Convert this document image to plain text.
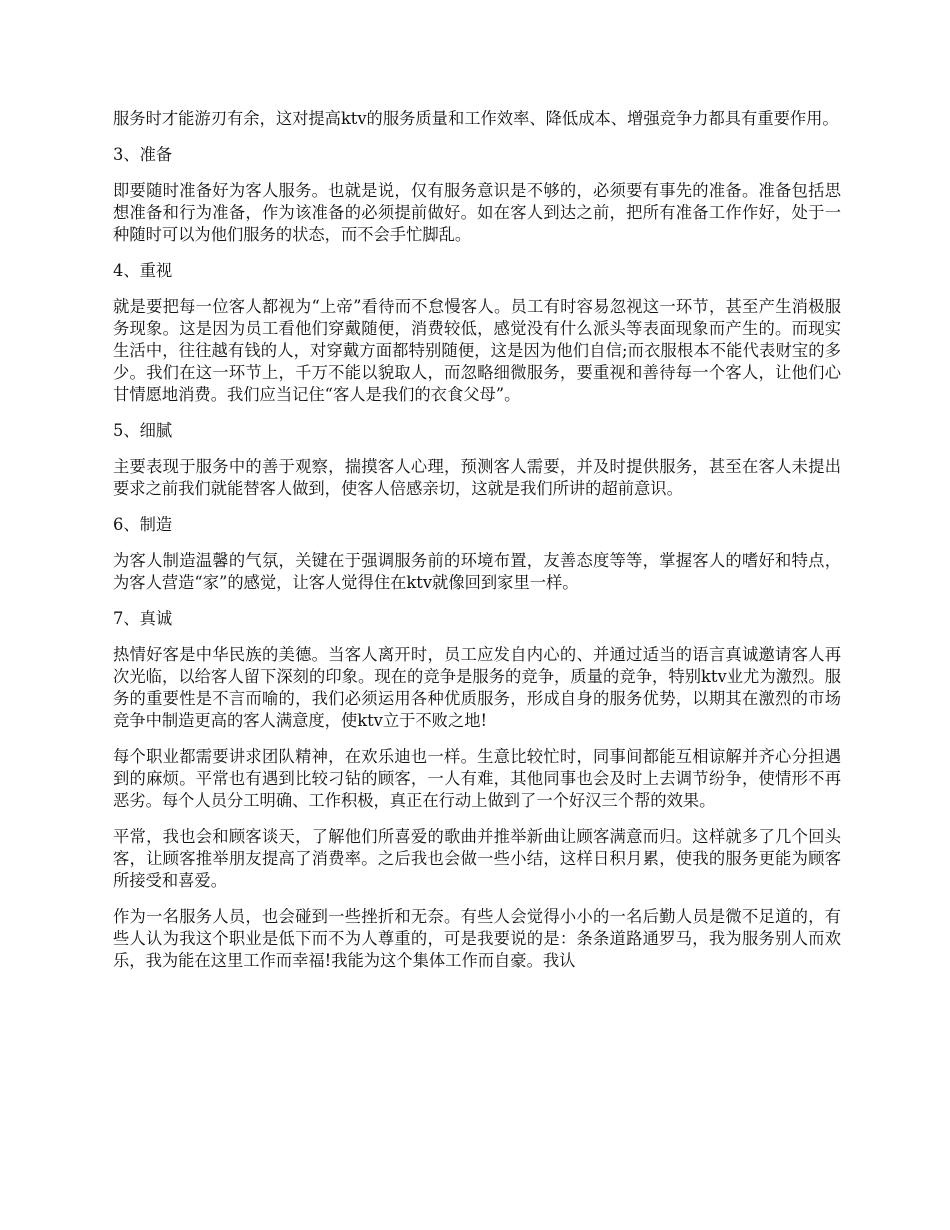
服务时才能游刃有余，这对提高ktv的服务质量和工作效率、降低成本、增强竞争力都具有重要作用。

3、准备

即要随时准备好为客人服务。也就是说，仅有服务意识是不够的，必须要有事先的准备。准备包括思想准备和行为准备，作为该准备的必须提前做好。如在客人到达之前，把所有准备工作作好，处于一种随时可以为他们服务的状态，而不会手忙脚乱。

4、重视

就是要把每一位客人都视为“上帝”看待而不怠慢客人。员工有时容易忽视这一环节，甚至产生消极服务现象。这是因为员工看他们穿戴随便，消费较低，感觉没有什么派头等表面现象而产生的。而现实生活中，往往越有钱的人，对穿戴方面都特别随便，这是因为他们自信;而衣服根本不能代表财宝的多少。我们在这一环节上，千万不能以貌取人，而忽略细微服务，要重视和善待每一个客人，让他们心甘情愿地消费。我们应当记住“客人是我们的衣食父母”。

5、细腻

主要表现于服务中的善于观察，揣摸客人心理，预测客人需要，并及时提供服务，甚至在客人未提出要求之前我们就能替客人做到，使客人倍感亲切，这就是我们所讲的超前意识。

6、制造

为客人制造温馨的气氛，关键在于强调服务前的环境布置，友善态度等等，掌握客人的嗜好和特点，为客人营造“家”的感觉，让客人觉得住在ktv就像回到家里一样。

7、真诚

热情好客是中华民族的美德。当客人离开时，员工应发自内心的、并通过适当的语言真诚邀请客人再次光临，以给客人留下深刻的印象。现在的竞争是服务的竞争，质量的竞争，特别ktv业尤为激烈。服务的重要性是不言而喻的，我们必须运用各种优质服务，形成自身的服务优势，以期其在激烈的市场竞争中制造更高的客人满意度，使ktv立于不败之地!

每个职业都需要讲求团队精神，在欢乐迪也一样。生意比较忙时，同事间都能互相谅解并齐心分担遇到的麻烦。平常也有遇到比较刁钻的顾客，一人有难，其他同事也会及时上去调节纷争，使情形不再恶劣。每个人员分工明确、工作积极，真正在行动上做到了一个好汉三个帮的效果。

平常，我也会和顾客谈天，了解他们所喜爱的歌曲并推举新曲让顾客满意而归。这样就多了几个回头客，让顾客推举朋友提高了消费率。之后我也会做一些小结，这样日积月累，使我的服务更能为顾客所接受和喜爱。

作为一名服务人员，也会碰到一些挫折和无奈。有些人会觉得小小的一名后勤人员是微不足道的，有些人认为我这个职业是低下而不为人尊重的，可是我要说的是：条条道路通罗马，我为服务别人而欢乐，我为能在这里工作而幸福!我能为这个集体工作而自豪。我认
